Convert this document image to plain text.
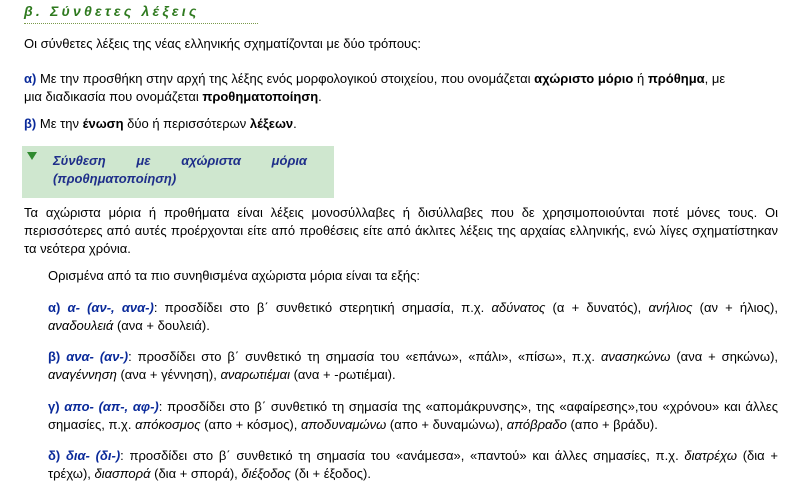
β. Σύνθετες λέξεις
Οι σύνθετες λέξεις της νέας ελληνικής σχηματίζονται με δύο τρόπους:
α) Με την προσθήκη στην αρχή της λέξης ενός μορφολογικού στοιχείου, που ονομάζεται αχώριστο μόριο ή πρόθημα, με
μια διαδικασία που ονομάζεται προθηματοποίηση.
β) Με την ένωση δύο ή περισσότερων λέξεων.
Σύνθεση με αχώριστα μόρια
(προθηματοποίηση)
Τα αχώριστα μόρια ή προθήματα είναι λέξεις μονοσύλλαβες ή δισύλλαβες που δε χρησιμοποιούνται ποτέ μόνες τους. Οι περισσότερες από αυτές προέρχονται είτε από προθέσεις είτε από άκλιτες λέξεις της αρχαίας ελληνικής, ενώ λίγες σχηματίστηκαν τα νεότερα χρόνια.
Ορισμένα από τα πιο συνηθισμένα αχώριστα μόρια είναι τα εξής:
α) α- (αν-, ανα-): προσδίδει στο β΄ συνθετικό στερητική σημασία, π.χ. αδύνατος (α + δυνατός), ανήλιος (αν + ήλιος), αναδουλειά (ανα + δουλειά).
β) ανα- (αν-): προσδίδει στο β΄ συνθετικό τη σημασία του «επάνω», «πάλι», «πίσω», π.χ. ανασηκώνω (ανα + σηκώνω), αναγέννηση (ανα + γέννηση), αναρωτιέμαι (ανα + -ρωτιέμαι).
γ) απο- (απ-, αφ-): προσδίδει στο β΄ συνθετικό τη σημασία της «απομάκρυνσης», της «αφαίρεσης»,του «χρόνου» και άλλες σημασίες, π.χ. απόκοσμος (απο + κόσμος), αποδυναμώνω (απο + δυναμώνω), απόβραδο (απο + βράδυ).
δ) δια- (δι-): προσδίδει στο β΄ συνθετικό τη σημασία του «ανάμεσα», «παντού» και άλλες σημασίες, π.χ. διατρέχω (δια + τρέχω), διασπορά (δια + σπορά), διέξοδος (δι + έξοδος).
